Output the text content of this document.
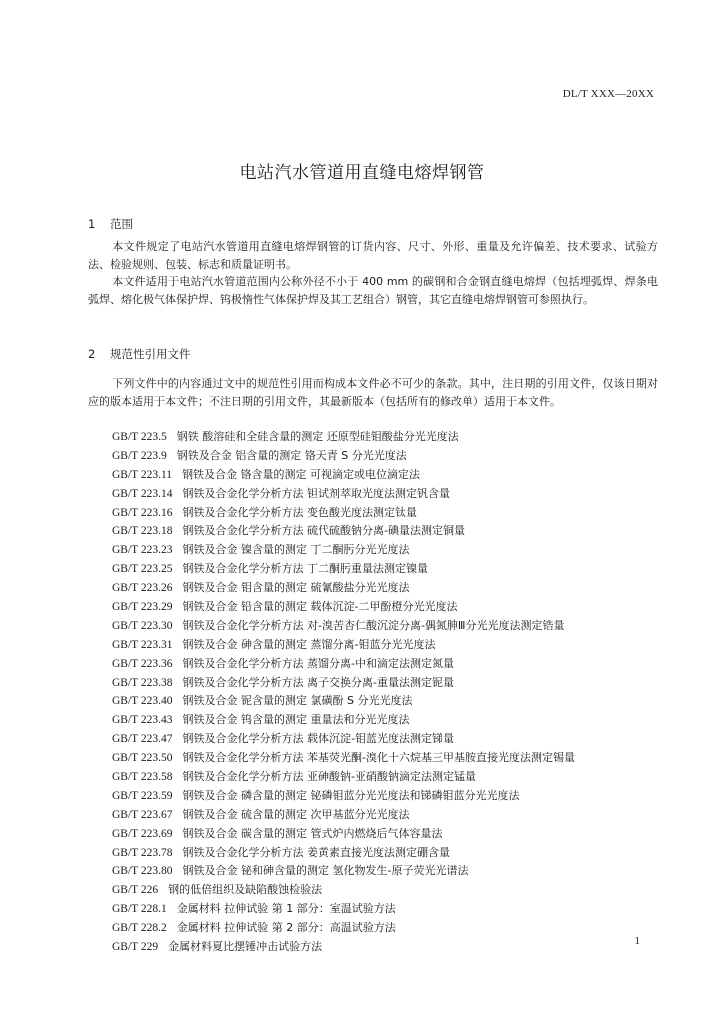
DL/T XXX—20XX
电站汽水管道用直缝电熔焊钢管
1 范围
本文件规定了电站汽水管道用直缝电熔焊钢管的订货内容、尺寸、外形、重量及允许偏差、技术要求、试验方法、检验规则、包装、标志和质量证明书。
本文件适用于电站汽水管道范围内公称外径不小于 400 mm 的碳钢和合金钢直缝电熔焊（包括埋弧焊、焊条电弧焊、熔化极气体保护焊、钨极惰性气体保护焊及其工艺组合）钢管，其它直缝电熔焊钢管可参照执行。
2 规范性引用文件
下列文件中的内容通过文中的规范性引用而构成本文件必不可少的条款。其中，注日期的引用文件，仅该日期对应的版本适用于本文件；不注日期的引用文件，其最新版本（包括所有的修改单）适用于本文件。
GB/T 223.5 钢铁 酸溶硅和全硅含量的测定 还原型硅钼酸盐分光光度法
GB/T 223.9 钢铁及合金 铝含量的测定 铬天青 S 分光光度法
GB/T 223.11 钢铁及合金 铬含量的测定 可视滴定或电位滴定法
GB/T 223.14 钢铁及合金化学分析方法 钽试剂萃取光度法测定钒含量
GB/T 223.16 钢铁及合金化学分析方法 变色酸光度法测定钛量
GB/T 223.18 钢铁及合金化学分析方法 硫代硫酸钠分离-碘量法测定铜量
GB/T 223.23 钢铁及合金 镍含量的测定 丁二酮肟分光光度法
GB/T 223.25 钢铁及合金化学分析方法 丁二酮肟重量法测定镍量
GB/T 223.26 钢铁及合金 钼含量的测定 硫氰酸盐分光光度法
GB/T 223.29 钢铁及合金 铅含量的测定 载体沉淀-二甲酚橙分光光度法
GB/T 223.30 钢铁及合金化学分析方法 对-溴苦杏仁酸沉淀分离-偶氮胂Ⅲ分光光度法测定锆量
GB/T 223.31 钢铁及合金 砷含量的测定 蒸馏分离-钼蓝分光光度法
GB/T 223.36 钢铁及合金化学分析方法 蒸馏分离-中和滴定法测定氮量
GB/T 223.38 钢铁及合金化学分析方法 离子交换分离-重量法测定铌量
GB/T 223.40 钢铁及合金 铌含量的测定 氯磺酚 S 分光光度法
GB/T 223.43 钢铁及合金 钨含量的测定 重量法和分光光度法
GB/T 223.47 钢铁及合金化学分析方法 载体沉淀-钼蓝光度法测定锑量
GB/T 223.50 钢铁及合金化学分析方法 苯基荧光酮-溴化十六烷基三甲基胺直接光度法测定锡量
GB/T 223.58 钢铁及合金化学分析方法 亚砷酸钠-亚硝酸钠滴定法测定锰量
GB/T 223.59 钢铁及合金 磷含量的测定 铋磷钼蓝分光光度法和锑磷钼蓝分光光度法
GB/T 223.67 钢铁及合金 硫含量的测定 次甲基蓝分光光度法
GB/T 223.69 钢铁及合金 碳含量的测定 管式炉内燃烧后气体容量法
GB/T 223.78 钢铁及合金化学分析方法 姜黄素直接光度法测定硼含量
GB/T 223.80 钢铁及合金 铋和砷含量的测定 氢化物发生-原子荧光光谱法
GB/T 226 钢的低倍组织及缺陷酸蚀检验法
GB/T 228.1 金属材料 拉伸试验 第 1 部分：室温试验方法
GB/T 228.2 金属材料 拉伸试验 第 2 部分：高温试验方法
GB/T 229 金属材料夏比摆锤冲击试验方法	1
